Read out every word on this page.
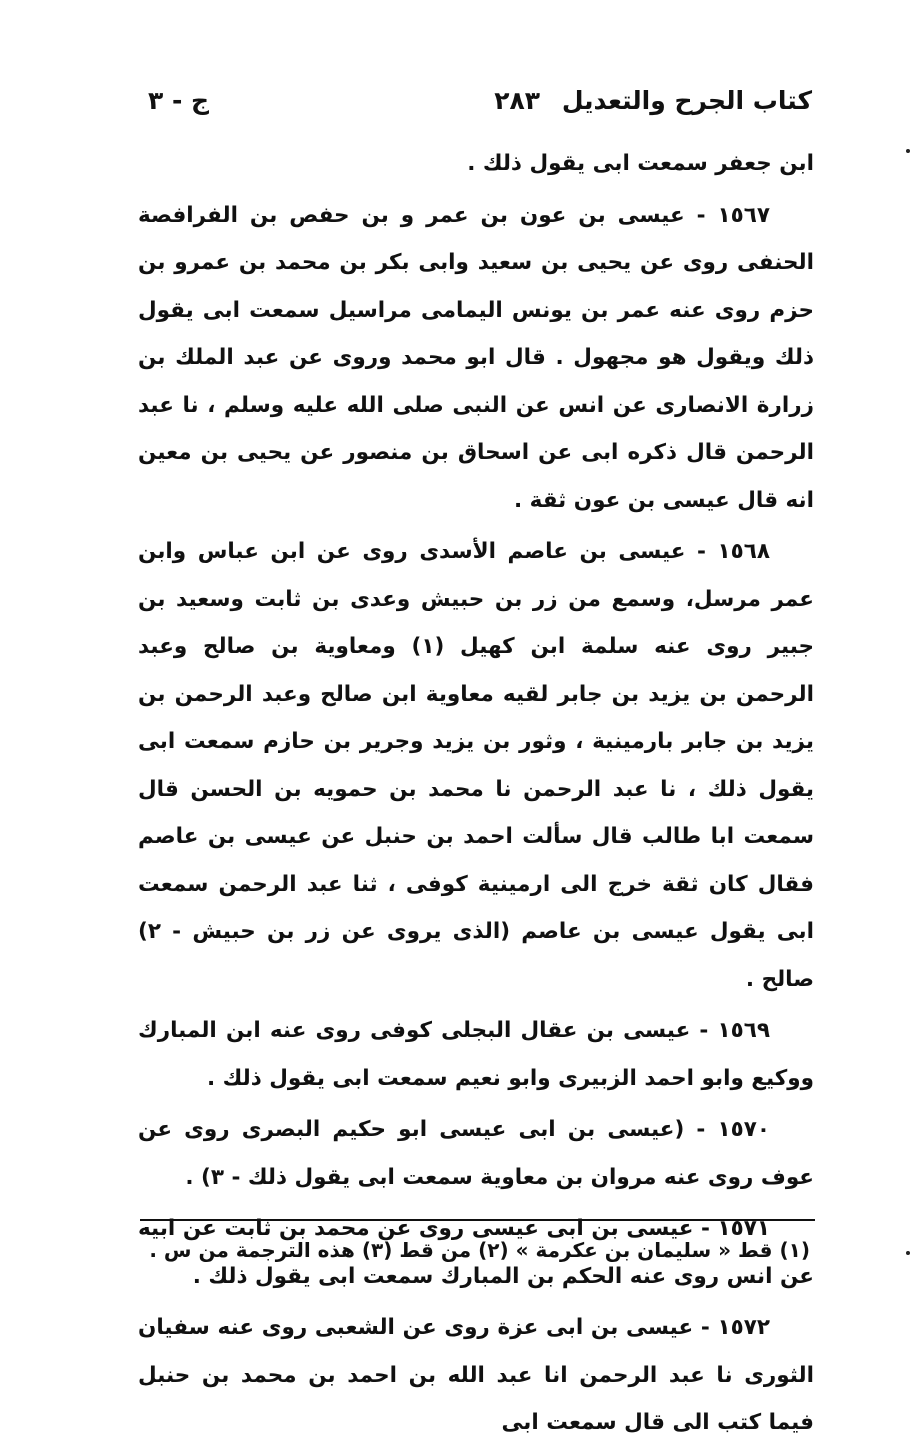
كتاب الجرح والتعديل
٢٨٣
ج - ٣

ابن جعفر سمعت ابى يقول ذلك .

١٥٦٧ - عيسى بن عون بن عمر و بن حفص بن الفرافصة الحنفى روى عن يحيى بن سعيد وابى بكر بن محمد بن عمرو بن حزم روى عنه عمر بن يونس اليمامى مراسيل سمعت ابى يقول ذلك ويقول هو مجهول . قال ابو محمد وروى عن عبد الملك بن زرارة الانصارى عن انس عن النبى صلى الله عليه وسلم ، نا عبد الرحمن قال ذكره ابى عن اسحاق بن منصور عن يحيى بن معين انه قال عيسى بن عون ثقة .

١٥٦٨ - عيسى بن عاصم الأسدى روى عن ابن عباس وابن عمر مرسل، وسمع من زر بن حبيش وعدى بن ثابت وسعيد بن جبير روى عنه سلمة ابن كهيل (١) ومعاوية بن صالح وعبد الرحمن بن يزيد بن جابر لقيه معاوية ابن صالح وعبد الرحمن بن يزيد بن جابر بارمينية ، وثور بن يزيد وجرير بن حازم سمعت ابى يقول ذلك ، نا عبد الرحمن نا محمد بن حمويه بن الحسن قال سمعت ابا طالب قال سألت احمد بن حنبل عن عيسى بن عاصم فقال كان ثقة خرج الى ارمينية كوفى ، ثنا عبد الرحمن سمعت ابى يقول عيسى بن عاصم (الذى يروى عن زر بن حبيش - ٢) صالح .

١٥٦٩ - عيسى بن عقال البجلى كوفى روى عنه ابن المبارك ووكيع وابو احمد الزبيرى وابو نعيم سمعت ابى يقول ذلك .

١٥٧٠ - (عيسى بن ابى عيسى ابو حكيم البصرى روى عن عوف روى عنه مروان بن معاوية سمعت ابى يقول ذلك - ٣) .

١٥٧١ - عيسى بن ابى عيسى روى عن محمد بن ثابت عن ابيه عن انس روى عنه الحكم بن المبارك سمعت ابى يقول ذلك .

١٥٧٢ - عيسى بن ابى عزة روى عن الشعبى روى عنه سفيان الثورى نا عبد الرحمن انا عبد الله بن احمد بن محمد بن حنبل فيما كتب الى قال سمعت ابى

(١) قط « سليمان بن عكرمة » (٢) من قط (٣) هذه الترجمة من س .
